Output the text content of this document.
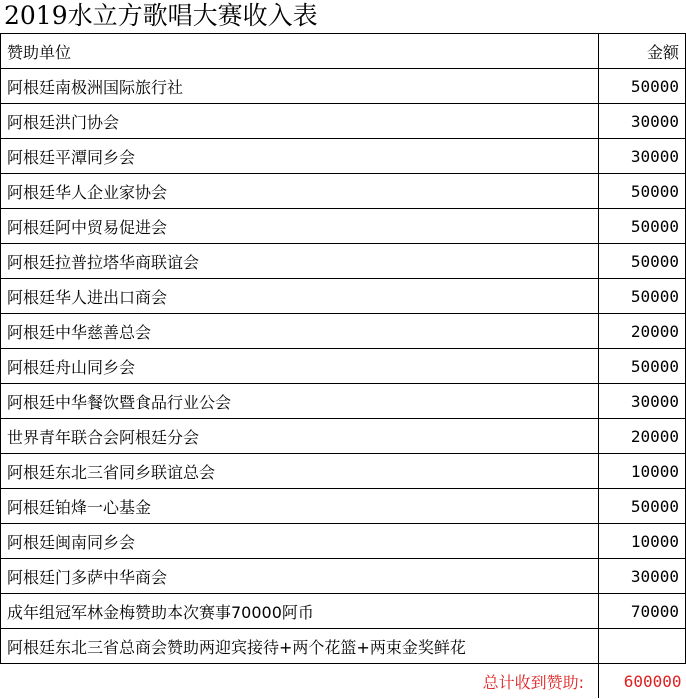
2019水立方歌唱大赛收入表
赞助单位	金额
阿根廷南极洲国际旅行社	50000
阿根廷洪门协会	30000
阿根廷平潭同乡会	30000
阿根廷华人企业家协会	50000
阿根廷阿中贸易促进会	50000
阿根廷拉普拉塔华商联谊会	50000
阿根廷华人进出口商会	50000
阿根廷中华慈善总会	20000
阿根廷舟山同乡会	50000
阿根廷中华餐饮暨食品行业公会	30000
世界青年联合会阿根廷分会	20000
阿根廷东北三省同乡联谊总会	10000
阿根廷铂烽一心基金	50000
阿根廷闽南同乡会	10000
阿根廷门多萨中华商会	30000
成年组冠军林金梅赞助本次赛事70000阿币	70000
阿根廷东北三省总商会赞助两迎宾接待+两个花篮+两束金奖鲜花	
总计收到赞助:	600000
